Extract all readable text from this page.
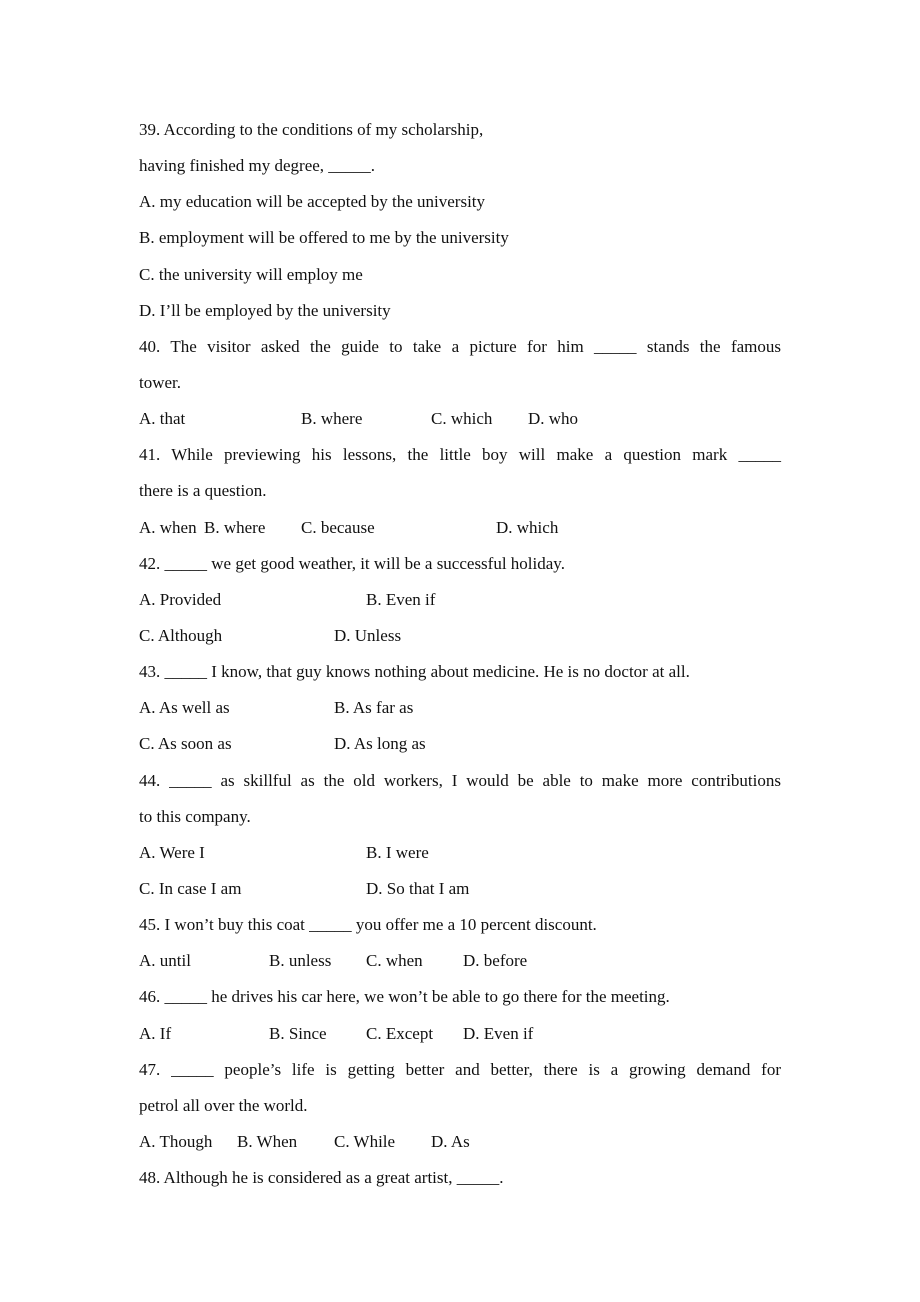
39. According to the conditions of my scholarship,
having finished my degree, _____.
A. my education will be accepted by the university
B. employment will be offered to me by the university
C. the university will employ me
D. I’ll be employed by the university
40. The visitor asked the guide to take a picture for him _____ stands the famous
tower.
A. that	B. where	C. which D. who
41. While previewing his lessons, the little boy will make a question mark _____
there is a question.
A. when B. where C. because	D. which
42. _____ we get good weather, it will be a successful holiday.
A. Provided	B. Even if
C. Although	D. Unless
43. _____ I know, that guy knows nothing about medicine. He is no doctor at all.
A. As well as	B. As far as
C. As soon as	D. As long as
44. _____ as skillful as the old workers, I would be able to make more contributions
to this company.
A. Were I	B. I were
C. In case I am	D. So that I am
45. I won’t buy this coat _____ you offer me a 10 percent discount.
A. until	B. unless C. when D. before
46. _____ he drives his car here, we won’t be able to go there for the meeting.
A. If	B. Since C. Except D. Even if
47. _____ people’s life is getting better and better, there is a growing demand for
petrol all over the world.
A. Though B. When C. While D. As
48. Although he is considered as a great artist, _____.
